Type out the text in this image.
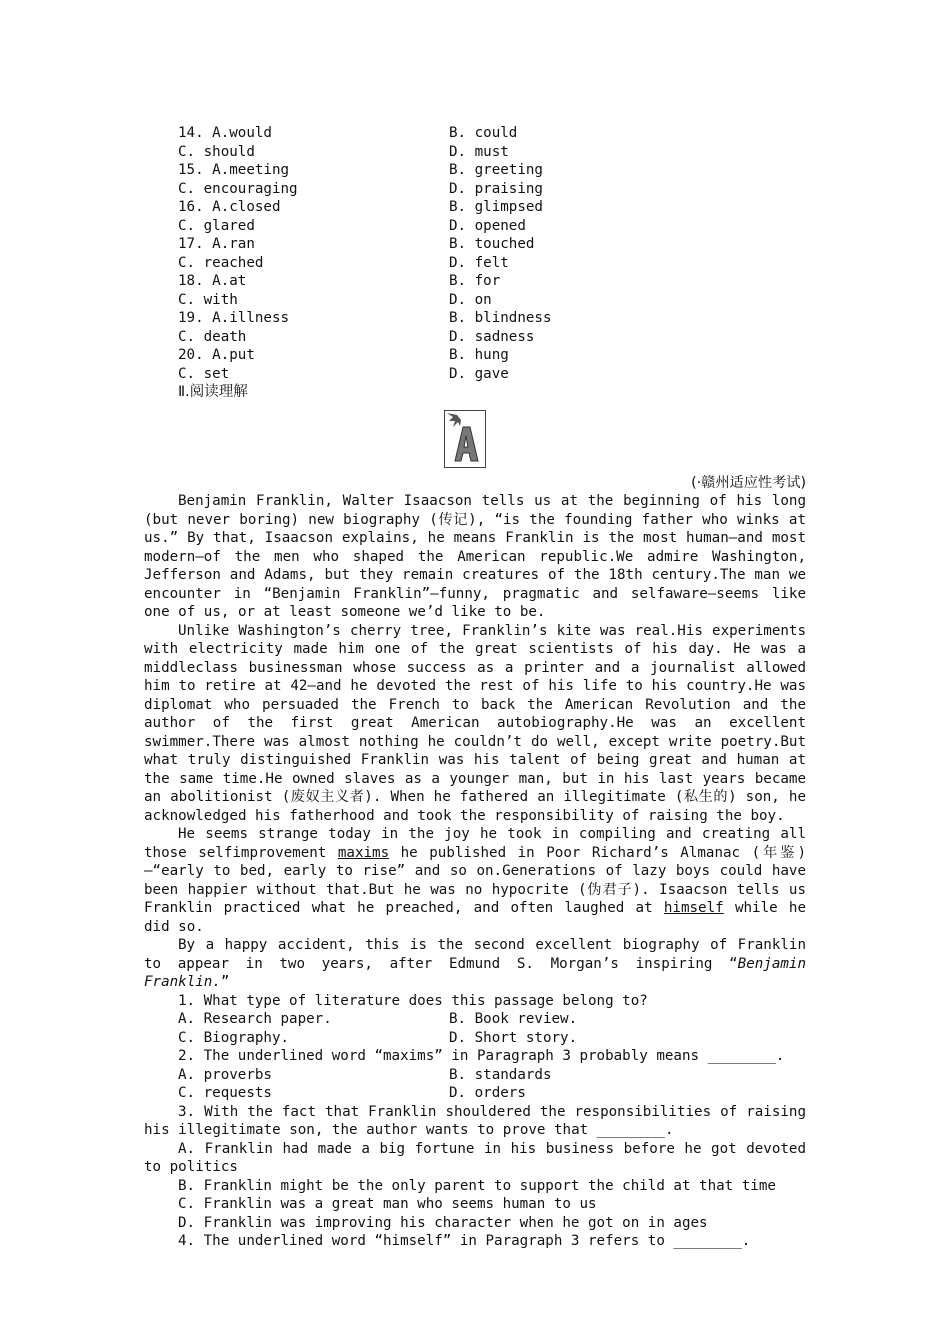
14. A.would	B. could
C. should	D. must
15. A.meeting	B. greeting
C. encouraging	D. praising
16. A.closed	B. glimpsed
C. glared	D. opened
17. A.ran	B. touched
C. reached	D. felt
18. A.at	B. for
C. with	D. on
19. A.illness	B. blindness
C. death	D. sadness
20. A.put	B. hung
C. set	D. gave
Ⅱ.阅读理解
(·赣州适应性考试)

Benjamin Franklin, Walter Isaacson tells us at the beginning of his long (but never boring) new biography (传记), “is the founding father who winks at us.” By that, Isaacson explains, he means Franklin is the most human—and most modern—of the men who shaped the American republic.We admire Washington, Jefferson and Adams, but they remain creatures of the 18th century.The man we encounter in “Benjamin Franklin”—funny, pragmatic and selfaware—seems like one of us, or at least someone we’d like to be.

Unlike Washington’s cherry tree, Franklin’s kite was real.His experiments with electricity made him one of the great scientists of his day. He was a middleclass businessman whose success as a printer and a journalist allowed him to retire at 42—and he devoted the rest of his life to his country.He was diplomat who persuaded the French to back the American Revolution and the author of the first great American autobiography.He was an excellent swimmer.There was almost nothing he couldn’t do well, except write poetry.But what truly distinguished Franklin was his talent of being great and human at the same time.He owned slaves as a younger man, but in his last years became an abolitionist (废奴主义者). When he fathered an illegitimate (私生的) son, he acknowledged his fatherhood and took the responsibility of raising the boy.

He seems strange today in the joy he took in compiling and creating all those selfimprovement maxims he published in Poor Richard’s Almanac (年鉴)—“early to bed, early to rise” and so on.Generations of lazy boys could have been happier without that.But he was no hypocrite (伪君子). Isaacson tells us Franklin practiced what he preached, and often laughed at himself while he did so.

By a happy accident, this is the second excellent biography of Franklin to appear in two years, after Edmund S. Morgan’s inspiring “Benjamin Franklin.”

1. What type of literature does this passage belong to?
A. Research paper.	B. Book review.
C. Biography.	D. Short story.
2. The underlined word “maxims” in Paragraph 3 probably means ________.
A. proverbs	B. standards
C. requests	D. orders
3. With the fact that Franklin shouldered the responsibilities of raising his illegitimate son, the author wants to prove that ________.
A. Franklin had made a big fortune in his business before he got devoted to politics
B. Franklin might be the only parent to support the child at that time
C. Franklin was a great man who seems human to us
D. Franklin was improving his character when he got on in ages
4. The underlined word “himself” in Paragraph 3 refers to ________.
